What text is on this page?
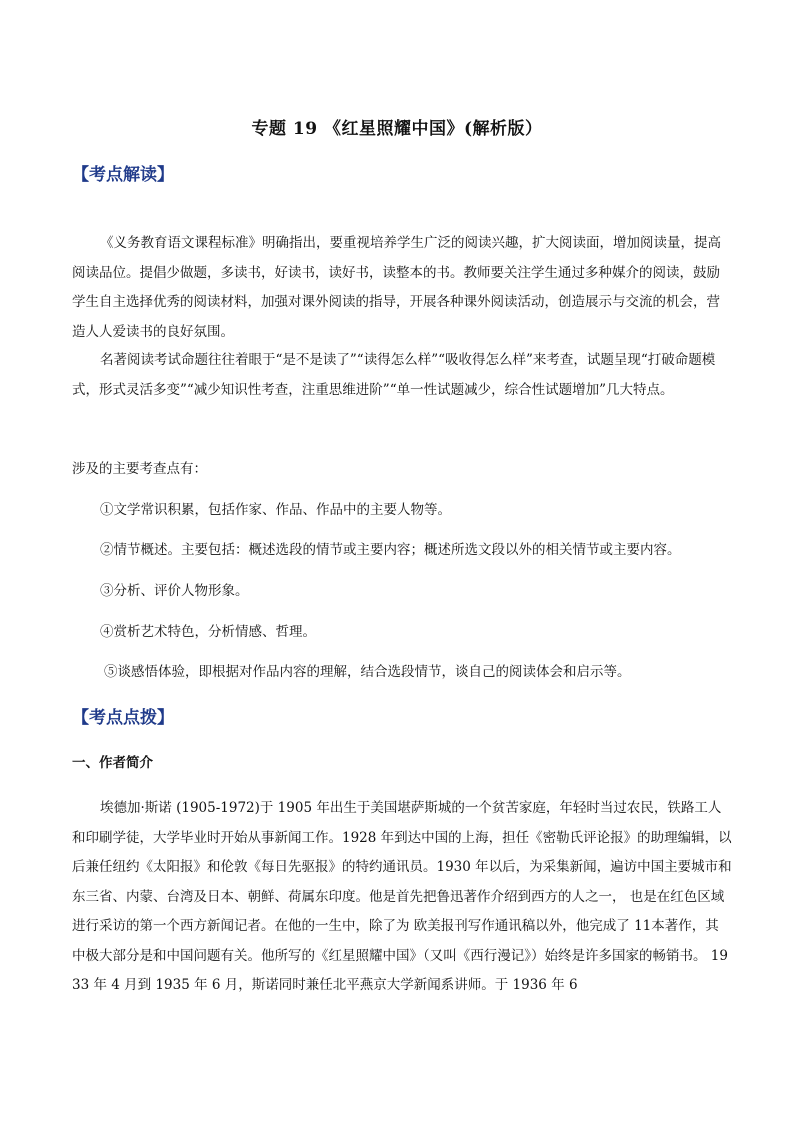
专题 19 《红星照耀中国》(解析版）
【考点解读】

《义务教育语文课程标准》明确指出，要重视培养学生广泛的阅读兴趣，扩大阅读面，增加阅读量，提高阅读品位。提倡少做题，多读书，好读书，读好书，读整本的书。教师要关注学生通过多种媒介的阅读，鼓励学生自主选择优秀的阅读材料，加强对课外阅读的指导，开展各种课外阅读活动，创造展示与交流的机会，营造人人爱读书的良好氛围。

名著阅读考试命题往往着眼于“是不是读了”“读得怎么样”“吸收得怎么样”来考查，试题呈现“打破命题模式，形式灵活多变”“减少知识性考查，注重思维进阶”“单一性试题减少，综合性试题增加”几大特点。

涉及的主要考查点有：
①文学常识积累，包括作家、作品、作品中的主要人物等。
②情节概述。主要包括：概述选段的情节或主要内容；概述所选文段以外的相关情节或主要内容。
③分析、评价人物形象。
④赏析艺术特色，分析情感、哲理。
⑤谈感悟体验，即根据对作品内容的理解，结合选段情节，谈自己的阅读体会和启示等。
【考点点拨】
一、作者简介

埃德加·斯诺 (1905-1972)于 1905 年出生于美国堪萨斯城的一个贫苦家庭，年轻时当过农民，铁路工人和印刷学徒，大学毕业时开始从事新闻工作。1928 年到达中国的上海，担任《密勒氏评论报》的助理编辑，以后兼任纽约《太阳报》和伦敦《每日先驱报》的特约通讯员。1930 年以后，为采集新闻，遍访中国主要城市和东三省、内蒙、台湾及日本、朝鲜、荷属东印度。他是首先把鲁迅著作介绍到西方的人之一， 也是在红色区域进行采访的第一个西方新闻记者。在他的一生中，除了为 欧美报刊写作通讯稿以外，他完成了 11本著作，其中极大部分是和中国问题有关。他所写的《红星照耀中国》（又叫《西行漫记》）始终是许多国家的畅销书。 1933 年 4 月到 1935 年 6 月，斯诺同时兼任北平燕京大学新闻系讲师。于 1936 年 6
